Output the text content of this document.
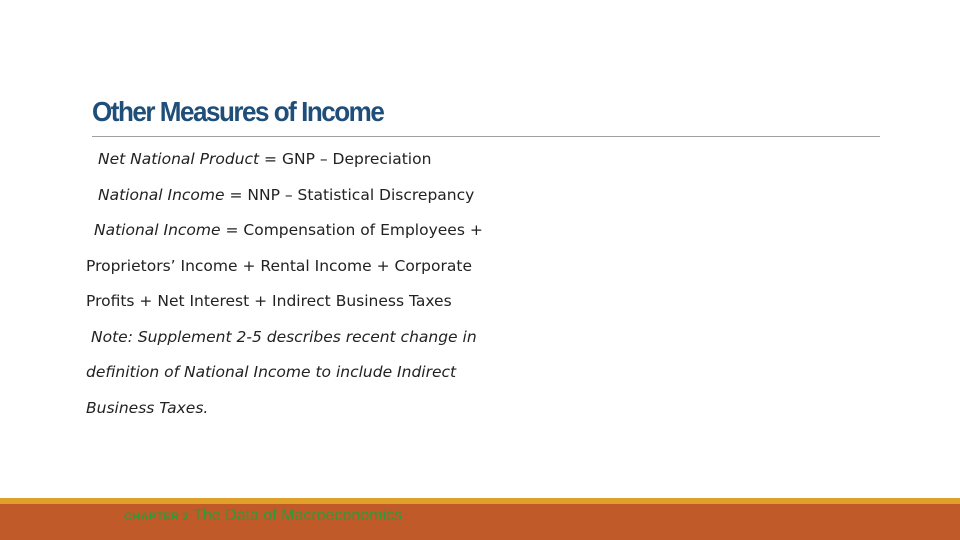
Other Measures of Income
Net National Product = GNP – Depreciation
National Income = NNP – Statistical Discrepancy
National Income = Compensation of Employees +
Proprietors’ Income + Rental Income + Corporate
Profits + Net Interest + Indirect Business Taxes
Note: Supplement 2-5 describes recent change in
definition of National Income to include Indirect
Business Taxes.
CHAPTER 2 The Data of Macroeconomics
